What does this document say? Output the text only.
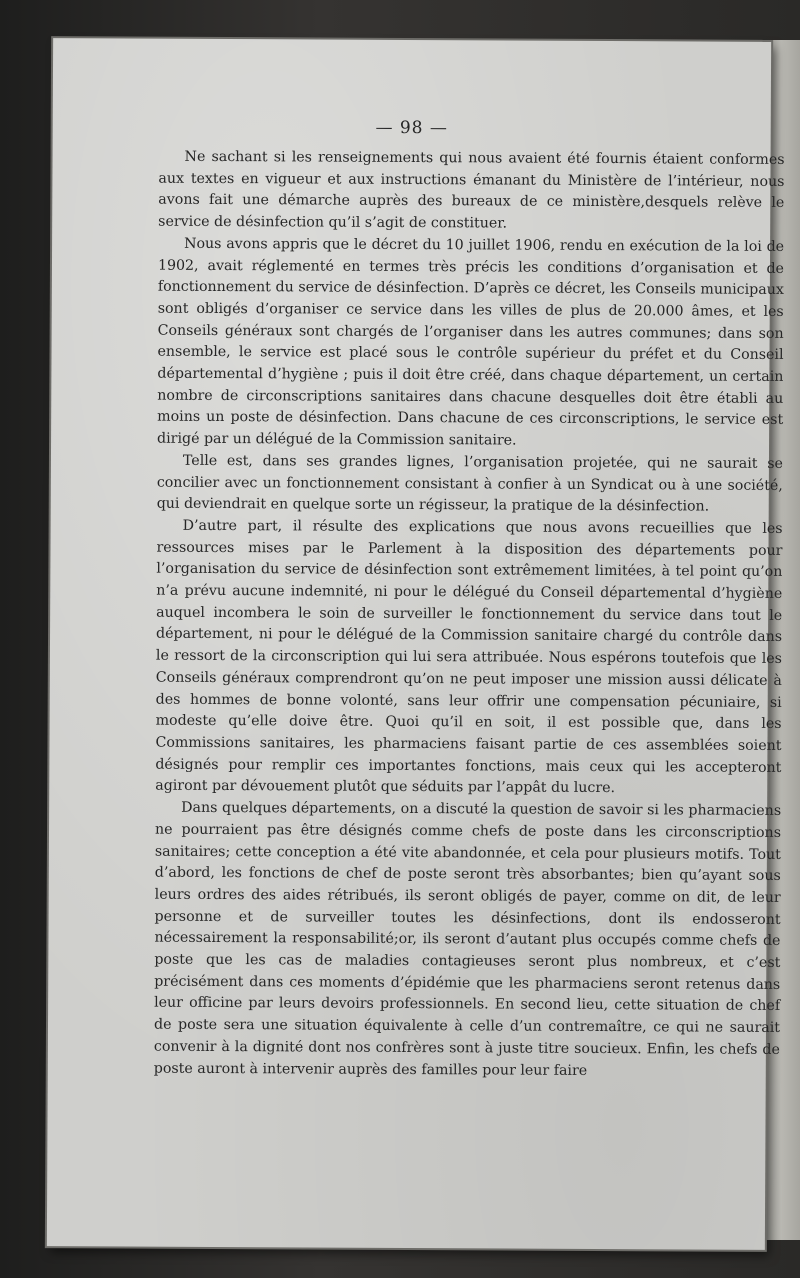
— 98 —

Ne sachant si les renseignements qui nous avaient été fournis étaient conformes aux textes en vigueur et aux instructions émanant du Ministère de l’intérieur, nous avons fait une démarche auprès des bureaux de ce ministère,desquels relève le service de désinfection qu’il s’agit de constituer.

Nous avons appris que le décret du 10 juillet 1906, rendu en exécution de la loi de 1902, avait réglementé en termes très précis les conditions d’organisation et de fonctionnement du service de désinfection. D’après ce décret, les Conseils municipaux sont obligés d’organiser ce service dans les villes de plus de 20.000 âmes, et les Conseils généraux sont chargés de l’organiser dans les autres communes; dans son ensemble, le service est placé sous le contrôle supérieur du préfet et du Conseil départemental d’hygiène ; puis il doit être créé, dans chaque département, un certain nombre de circonscriptions sanitaires dans chacune desquelles doit être établi au moins un poste de désinfection. Dans chacune de ces circonscriptions, le service est dirigé par un délégué de la Commission sanitaire.

Telle est, dans ses grandes lignes, l’organisation projetée, qui ne saurait se concilier avec un fonctionnement consistant à confier à un Syndicat ou à une société, qui deviendrait en quelque sorte un régisseur, la pratique de la désinfection.

D’autre part, il résulte des explications que nous avons recueillies que les ressources mises par le Parlement à la disposition des départements pour l’organisation du service de désinfection sont extrêmement limitées, à tel point qu’on n’a prévu aucune indemnité, ni pour le délégué du Conseil départemental d’hygiène auquel incombera le soin de surveiller le fonctionnement du service dans tout le département, ni pour le délégué de la Commission sanitaire chargé du contrôle dans le ressort de la circonscription qui lui sera attribuée. Nous espérons toutefois que les Conseils généraux comprendront qu’on ne peut imposer une mission aussi délicate à des hommes de bonne volonté, sans leur offrir une compensation pécuniaire, si modeste qu’elle doive être. Quoi qu’il en soit, il est possible que, dans les Commissions sanitaires, les pharmaciens faisant partie de ces assemblées soient désignés pour remplir ces importantes fonctions, mais ceux qui les accepteront agiront par dévouement plutôt que séduits par l’appât du lucre.

Dans quelques départements, on a discuté la question de savoir si les pharmaciens ne pourraient pas être désignés comme chefs de poste dans les circonscriptions sanitaires; cette conception a été vite abandonnée, et cela pour plusieurs motifs. Tout d’abord, les fonctions de chef de poste seront très absorbantes; bien qu’ayant sous leurs ordres des aides rétribués, ils seront obligés de payer, comme on dit, de leur personne et de surveiller toutes les désinfections, dont ils endosseront nécessairement la responsabilité;or, ils seront d’autant plus occupés comme chefs de poste que les cas de maladies contagieuses seront plus nombreux, et c’est précisément dans ces moments d’épidémie que les pharmaciens seront retenus dans leur officine par leurs devoirs professionnels. En second lieu, cette situation de chef de poste sera une situation équivalente à celle d’un contremaître, ce qui ne saurait convenir à la dignité dont nos confrères sont à juste titre soucieux. Enfin, les chefs de poste auront à intervenir auprès des familles pour leur faire
